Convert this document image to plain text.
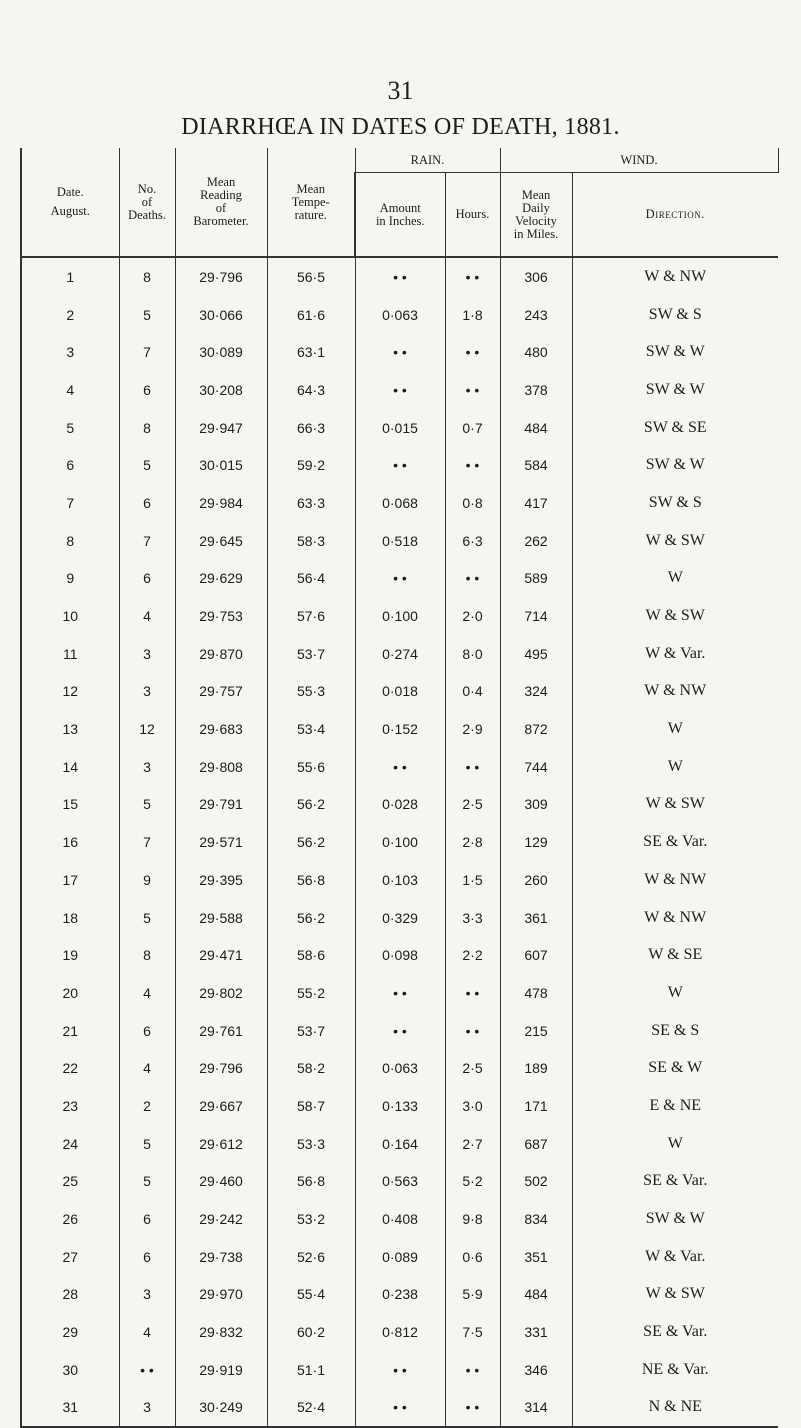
31
DIARRHŒA IN DATES OF DEATH, 1881.
Date.
August.	No.
of
Deaths.	Mean
Reading
of
Barometer.	Mean
Tempe-
rature.	RAIN.		WIND.	

				Amount
in Inches.	Hours.	Mean
Daily
Velocity
in Miles.	Direction.
1	8	29·796	56·5	• •	• •	306	W & NW
2	5	30·066	61·6	0·063	1·8	243	SW & S
3	7	30·089	63·1	• •	• •	480	SW & W
4	6	30·208	64·3	• •	• •	378	SW & W
5	8	29·947	66·3	0·015	0·7	484	SW & SE
6	5	30·015	59·2	• •	• •	584	SW & W
7	6	29·984	63·3	0·068	0·8	417	SW & S
8	7	29·645	58·3	0·518	6·3	262	W & SW
9	6	29·629	56·4	• •	• •	589	W
10	4	29·753	57·6	0·100	2·0	714	W & SW
11	3	29·870	53·7	0·274	8·0	495	W & Var.
12	3	29·757	55·3	0·018	0·4	324	W & NW
13	12	29·683	53·4	0·152	2·9	872	W
14	3	29·808	55·6	• •	• •	744	W
15	5	29·791	56·2	0·028	2·5	309	W & SW
16	7	29·571	56·2	0·100	2·8	129	SE & Var.
17	9	29·395	56·8	0·103	1·5	260	W & NW
18	5	29·588	56·2	0·329	3·3	361	W & NW
19	8	29·471	58·6	0·098	2·2	607	W & SE
20	4	29·802	55·2	• •	• •	478	W
21	6	29·761	53·7	• •	• •	215	SE & S
22	4	29·796	58·2	0·063	2·5	189	SE & W
23	2	29·667	58·7	0·133	3·0	171	E & NE
24	5	29·612	53·3	0·164	2·7	687	W
25	5	29·460	56·8	0·563	5·2	502	SE & Var.
26	6	29·242	53·2	0·408	9·8	834	SW & W
27	6	29·738	52·6	0·089	0·6	351	W & Var.
28	3	29·970	55·4	0·238	5·9	484	W & SW
29	4	29·832	60·2	0·812	7·5	331	SE & Var.
30	• •	29·919	51·1	• •	• •	346	NE & Var.
31	3	30·249	52·4	• •	• •	314	N & NE
